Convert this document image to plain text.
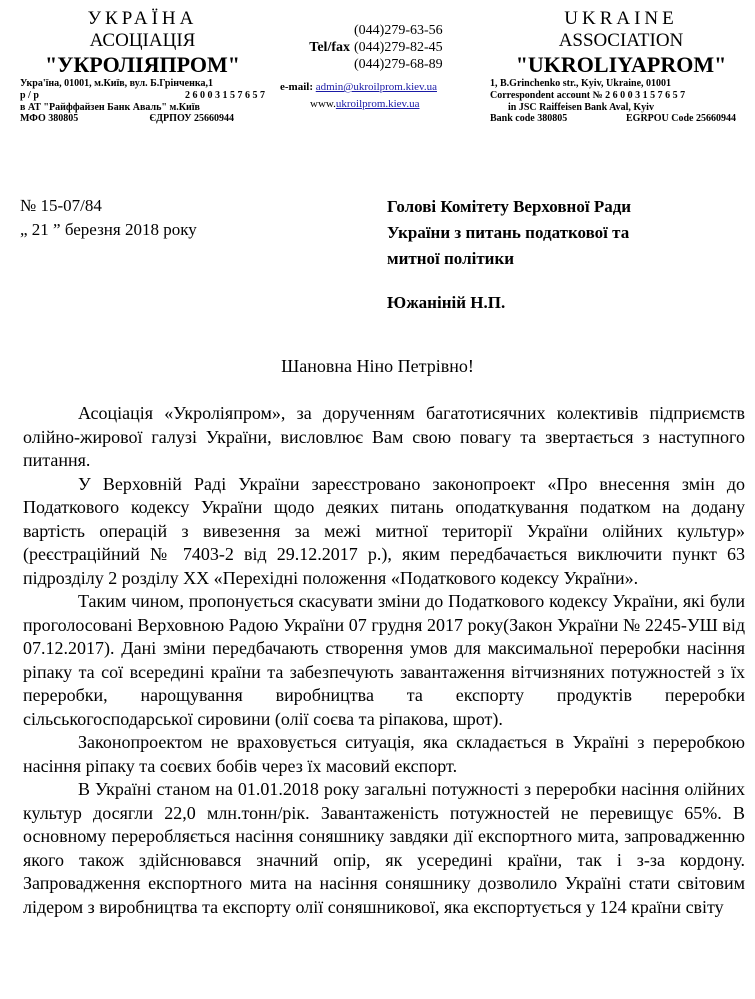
УКРАЇНА
АСОЦІАЦІЯ
"УКРОЛІЯПРОМ"
Укра'їна, 01001, м.Київ, вул. Б.Грінченка,1
р / р	2 6 0 0 3 1 5 7 6 5 7
в АТ "Райффайзен Банк Аваль" м.Київ
МФО 380805	ЄДРПОУ 25660944
(044)279-63-56
Tel/fax (044)279-82-45
(044)279-68-89
e-mail: admin@ukroilprom.kiev.ua
www.ukroilprom.kiev.ua
UKRAINE
ASSOCIATION
"UKROLIYAPROM"
1, B.Grinchenko str., Kyiv, Ukraine, 01001
Correspondent account № 2 6 0 0 3 1 5 7 6 5 7
in JSC Raiffeisen Bank Aval, Kyiv
Bank code 380805	EGRPOU Code 25660944
№ 15-07/84
„ 21 ” березня 2018 року
Голові Комітету Верховної Ради
України з питань податкової та
митної політики
Южаніній Н.П.
Шановна Ніно Петрівно!

Асоціація «Укроліяпром», за дорученням багатотисячних колективів підприємств олійно-жирової галузі України, висловлює Вам свою повагу та звертається з наступного питання.

У Верховній Раді України зареєстровано законопроект «Про внесення змін до Податкового кодексу України щодо деяких питань оподаткування податком на додану вартість операцій з вивезення за межі митної території України олійних культур» (реєстраційний № 7403-2 від 29.12.2017 р.), яким передбачається виключити пункт 63 підрозділу 2 розділу ХХ «Перехідні положення «Податкового кодексу України».

Таким чином, пропонується скасувати зміни до Податкового кодексу України, які були проголосовані Верховною Радою України 07 грудня 2017 року(Закон України № 2245-УШ від 07.12.2017). Дані зміни передбачають створення умов для максимальної переробки насіння ріпаку та сої всередині країни та забезпечують завантаження вітчизняних потужностей з їх переробки, нарощування виробництва та експорту продуктів переробки сільськогосподарської сировини (олії соєва та ріпакова, шрот).

Законопроектом не враховується ситуація, яка складається в Україні з переробкою насіння ріпаку та соєвих бобів через їх масовий експорт.

В Україні станом на 01.01.2018 року загальні потужності з переробки насіння олійних культур досягли 22,0 млн.тонн/рік. Завантаженість потужностей не перевищує 65%. В основному переробляється насіння соняшнику завдяки дії експортного мита, запровадженню якого також здійснювався значний опір, як усередині країни, так і з-за кордону. Запровадження експортного мита на насіння соняшнику дозволило Україні стати світовим лідером з виробництва та експорту олії соняшникової, яка експортується у 124 країни світу
